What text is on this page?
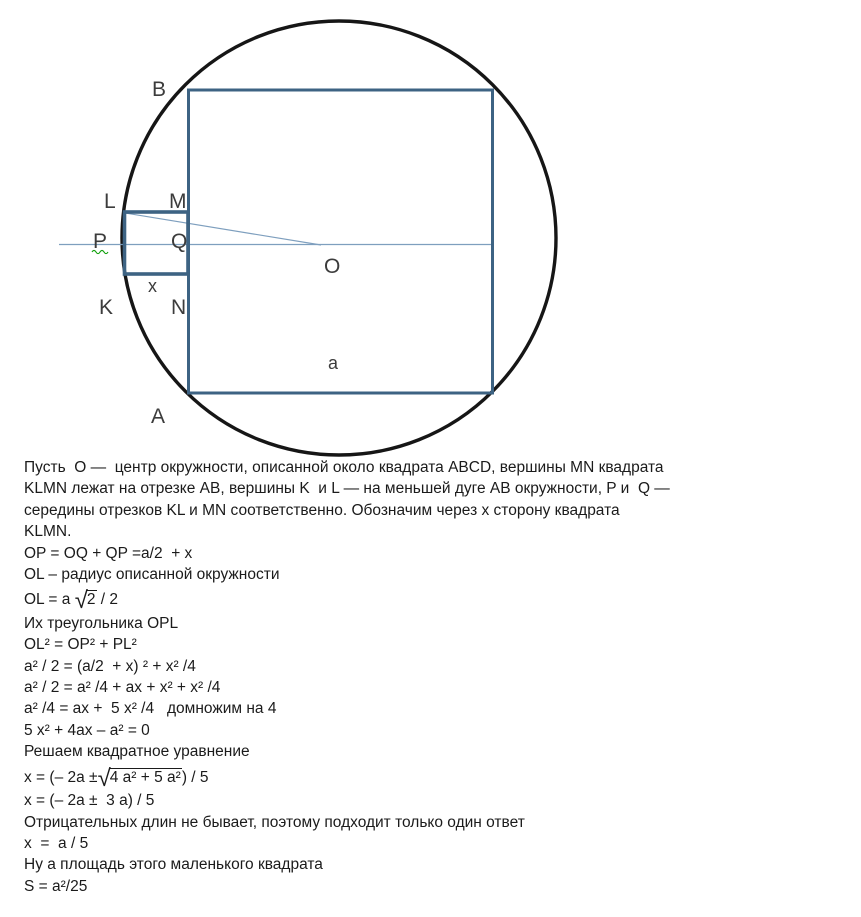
B
L	M
P	Q
O
K	N
x
a
A
Пусть  О —  центр окружности, описанной около квадрата ABCD, вершины MN квадрата
KLMN лежат на отрезке AB, вершины K  и L — на меньшей дуге AB окружности, P и  Q —
середины отрезков KL и MN соответственно. Обозначим через x сторону квадрата
KLMN.
OP = OQ + QP =a/2  + x
OL – радиус описанной окружности
OL = a √2 / 2
Их треугольника OPL
OL² = OP² + PL²
a² / 2 = (a/2  + x) ² + x² /4
a² / 2 = a² /4 + ax + x² + x² /4
a² /4 = ax +  5 x² /4   домножим на 4
5 x² + 4ax – a² = 0
Решаем квадратное уравнение
x = (– 2a ±√4 a² + 5 a²) / 5
x = (– 2a ±  3 a) / 5
Отрицательных длин не бывает, поэтому подходит только один ответ
x  =  a / 5
Ну а площадь этого маленького квадрата
S = a²/25
